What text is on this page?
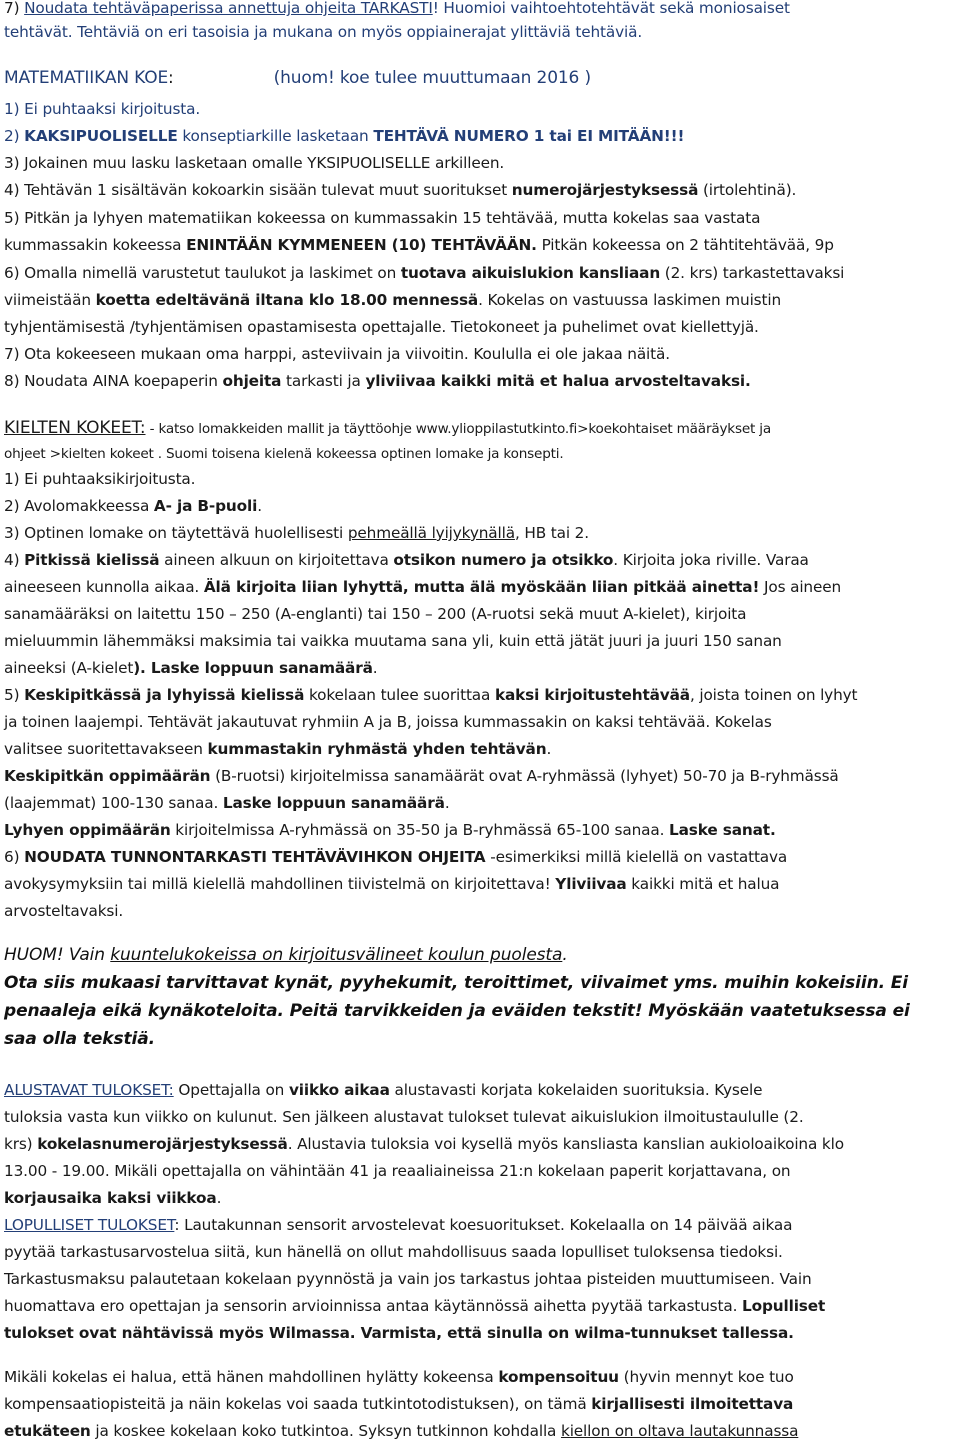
7) Noudata tehtäväpaperissa annettuja ohjeita TARKASTI! Huomioi vaihtoehtotehtävät sekä moniosaiset
tehtävät. Tehtäviä on eri tasoisia ja mukana on myös oppiainerajat ylittäviä tehtäviä.
MATEMATIIKAN KOE:	(huom! koe tulee muuttumaan 2016 )
1) Ei puhtaaksi kirjoitusta.
2) KAKSIPUOLISELLE konseptiarkille lasketaan TEHTÄVÄ NUMERO 1 tai EI MITÄÄN!!!
3) Jokainen muu lasku lasketaan omalle YKSIPUOLISELLE arkilleen.
4) Tehtävän 1 sisältävän kokoarkin sisään tulevat muut suoritukset numerojärjestyksessä (irtolehtinä).
5) Pitkän ja lyhyen matematiikan kokeessa on kummassakin 15 tehtävää, mutta kokelas saa vastata
kummassakin kokeessa ENINTÄÄN KYMMENEEN (10) TEHTÄVÄÄN. Pitkän kokeessa on 2 tähtitehtävää, 9p
6) Omalla nimellä varustetut taulukot ja laskimet on tuotava aikuislukion kansliaan (2. krs) tarkastettavaksi
viimeistään koetta edeltävänä iltana klo 18.00 mennessä. Kokelas on vastuussa laskimen muistin
tyhjentämisestä /tyhjentämisen opastamisesta opettajalle. Tietokoneet ja puhelimet ovat kiellettyjä.
7) Ota kokeeseen mukaan oma harppi, asteviivain ja viivoitin. Koululla ei ole jakaa näitä.
8) Noudata AINA koepaperin ohjeita tarkasti ja yliviivaa kaikki mitä et halua arvosteltavaksi.
KIELTEN KOKEET: - katso lomakkeiden mallit ja täyttöohje www.ylioppilastutkinto.fi>koekohtaiset määräykset ja
ohjeet >kielten kokeet . Suomi toisena kielenä kokeessa optinen lomake ja konsepti.
1) Ei puhtaaksikirjoitusta.
2) Avolomakkeessa A- ja B-puoli.
3) Optinen lomake on täytettävä huolellisesti pehmeällä lyijykynällä, HB tai 2.
4) Pitkissä kielissä aineen alkuun on kirjoitettava otsikon numero ja otsikko. Kirjoita joka riville. Varaa
aineeseen kunnolla aikaa. Älä kirjoita liian lyhyttä, mutta älä myöskään liian pitkää ainetta! Jos aineen
sanamääräksi on laitettu 150 – 250 (A-englanti) tai 150 – 200 (A-ruotsi sekä muut A-kielet), kirjoita
mieluummin lähemmäksi maksimia tai vaikka muutama sana yli, kuin että jätät juuri ja juuri 150 sanan
aineeksi (A-kielet). Laske loppuun sanamäärä.
5) Keskipitkässä ja lyhyissä kielissä kokelaan tulee suorittaa kaksi kirjoitustehtävää, joista toinen on lyhyt
ja toinen laajempi. Tehtävät jakautuvat ryhmiin A ja B, joissa kummassakin on kaksi tehtävää. Kokelas
valitsee suoritettavakseen kummastakin ryhmästä yhden tehtävän.
Keskipitkän oppimäärän (B-ruotsi) kirjoitelmissa sanamäärät ovat A-ryhmässä (lyhyet) 50-70 ja B-ryhmässä
(laajemmat) 100-130 sanaa. Laske loppuun sanamäärä.
Lyhyen oppimäärän kirjoitelmissa A-ryhmässä on 35-50 ja B-ryhmässä 65-100 sanaa. Laske sanat.
6) NOUDATA TUNNONTARKASTI TEHTÄVÄVIHKON OHJEITA -esimerkiksi millä kielellä on vastattava
avokysymyksiin tai millä kielellä mahdollinen tiivistelmä on kirjoitettava! Yliviivaa kaikki mitä et halua
arvosteltavaksi.
HUOM! Vain kuuntelukokeissa on kirjoitusvälineet koulun puolesta.
Ota siis mukaasi tarvittavat kynät, pyyhekumit, teroittimet, viivaimet yms. muihin kokeisiin. Ei
penaaleja eikä kynäkoteloita. Peitä tarvikkeiden ja eväiden tekstit! Myöskään vaatetuksessa ei
saa olla tekstiä.
ALUSTAVAT TULOKSET: Opettajalla on viikko aikaa alustavasti korjata kokelaiden suorituksia. Kysele
tuloksia vasta kun viikko on kulunut. Sen jälkeen alustavat tulokset tulevat aikuislukion ilmoitustaululle (2.
krs) kokelasnumerojärjestyksessä. Alustavia tuloksia voi kysellä myös kansliasta kanslian aukioloaikoina klo
13.00 - 19.00. Mikäli opettajalla on vähintään 41 ja reaaliaineissa 21:n kokelaan paperit korjattavana, on
korjausaika kaksi viikkoa.
LOPULLISET TULOKSET: Lautakunnan sensorit arvostelevat koesuoritukset. Kokelaalla on 14 päivää aikaa
pyytää tarkastusarvostelua siitä, kun hänellä on ollut mahdollisuus saada lopulliset tuloksensa tiedoksi.
Tarkastusmaksu palautetaan kokelaan pyynnöstä ja vain jos tarkastus johtaa pisteiden muuttumiseen. Vain
huomattava ero opettajan ja sensorin arvioinnissa antaa käytännössä aihetta pyytää tarkastusta. Lopulliset
tulokset ovat nähtävissä myös Wilmassa. Varmista, että sinulla on wilma-tunnukset tallessa.
Mikäli kokelas ei halua, että hänen mahdollinen hylätty kokeensa kompensoituu (hyvin mennyt koe tuo
kompensaatiopisteitä ja näin kokelas voi saada tutkintotodistuksen), on tämä kirjallisesti ilmoitettava
etukäteen ja koskee kokelaan koko tutkintoa. Syksyn tutkinnon kohdalla kiellon on oltava lautakunnassa
